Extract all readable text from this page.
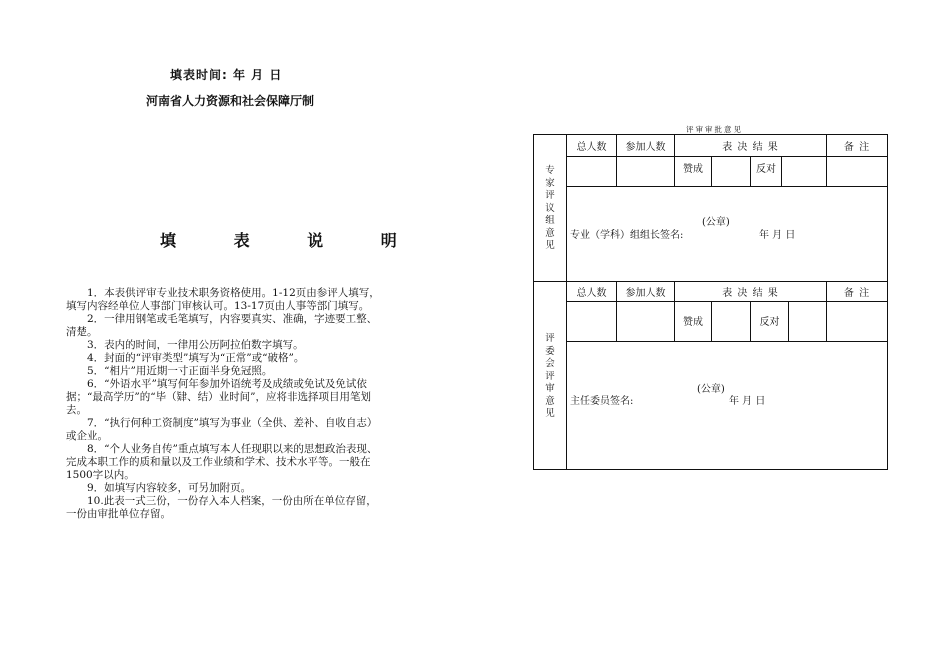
填表时间: 年 月 日
河南省人力资源和社会保障厅制
填 表 说 明

1．本表供评审专业技术职务资格使用。1-12页由参评人填写，填写内容经单位人事部门审核认可。13-17页由人事等部门填写。

2．一律用钢笔或毛笔填写，内容要真实、准确，字迹要工整、清楚。

3．表内的时间，一律用公历阿拉伯数字填写。

4．封面的“评审类型”填写为“正常”或“破格”。

5．“相片”用近期一寸正面半身免冠照。

6．“外语水平”填写何年参加外语统考及成绩或免试及免试依据；“最高学历”的“毕（肄、结）业时间”，应将非选择项目用笔划去。

7．“执行何种工资制度”填写为事业（全供、差补、自收自志）或企业。

8．“个人业务自传”重点填写本人任现职以来的思想政治表现、完成本职工作的质和量以及工作业绩和学术、技术水平等。一般在1500字以内。

9．如填写内容较多，可另加附页。

10.此表一式三份，一份存入本人档案，一份由所在单位存留，一份由审批单位存留。

评审审批意见
专
家
评
议
组
意
见
总人数	参加人数	表 决 结 果	备 注
赞成	反对
(公章)
专业（学科）组组长签名:	年 月 日
评
委
会
评
审
意
见
总人数	参加人数	表 决 结 果	备 注
赞成	反对
(公章)
主任委员签名:	年 月 日
